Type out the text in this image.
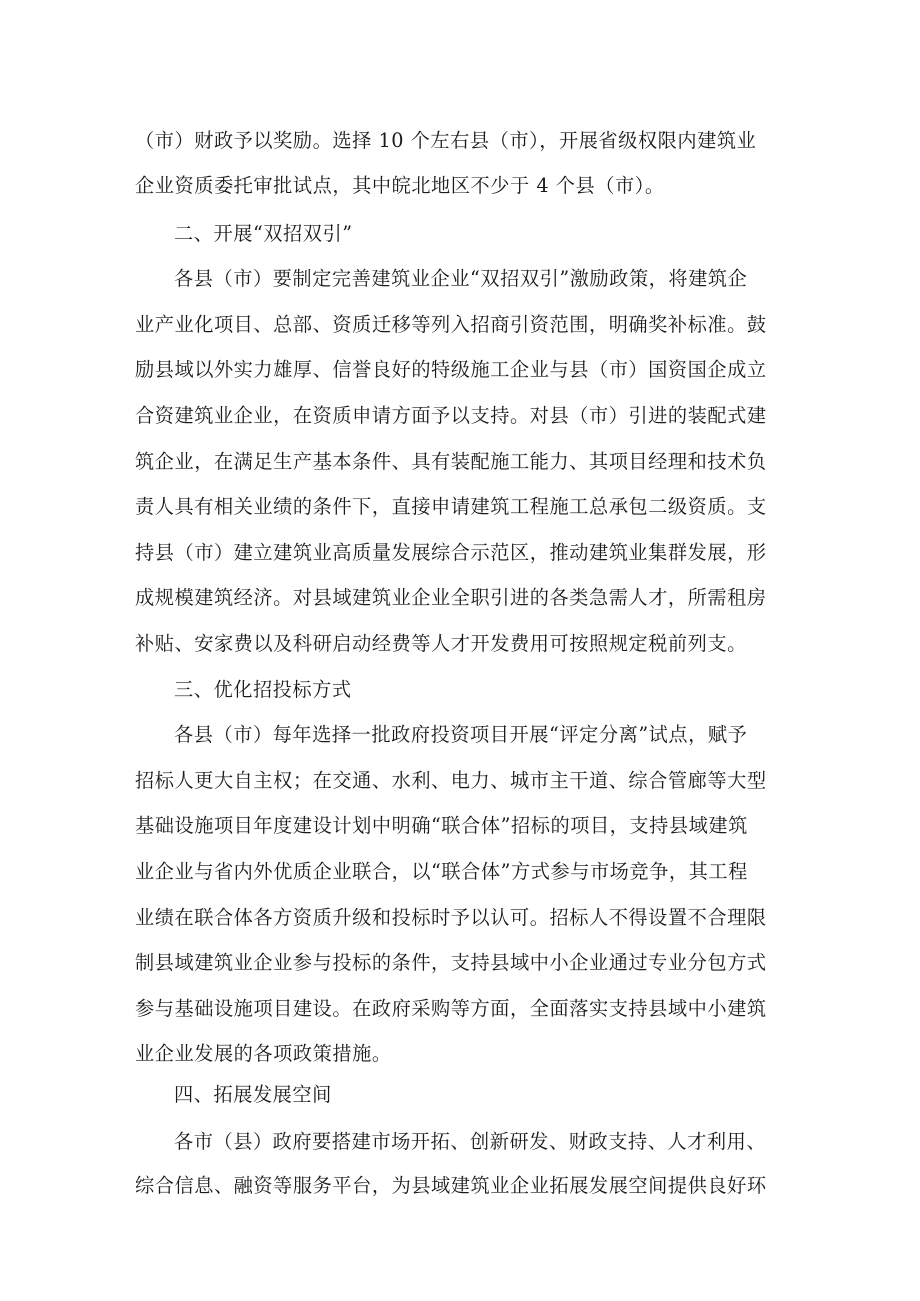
（市）财政予以奖励。选择 10 个左右县（市），开展省级权限内建筑业
企业资质委托审批试点，其中皖北地区不少于 4 个县（市）。
二、开展“双招双引”
各县（市）要制定完善建筑业企业“双招双引”激励政策，将建筑企
业产业化项目、总部、资质迁移等列入招商引资范围，明确奖补标准。鼓
励县域以外实力雄厚、信誉良好的特级施工企业与县（市）国资国企成立
合资建筑业企业，在资质申请方面予以支持。对县（市）引进的装配式建
筑企业，在满足生产基本条件、具有装配施工能力、其项目经理和技术负
责人具有相关业绩的条件下，直接申请建筑工程施工总承包二级资质。支
持县（市）建立建筑业高质量发展综合示范区，推动建筑业集群发展，形
成规模建筑经济。对县域建筑业企业全职引进的各类急需人才，所需租房
补贴、安家费以及科研启动经费等人才开发费用可按照规定税前列支。
三、优化招投标方式
各县（市）每年选择一批政府投资项目开展“评定分离”试点，赋予
招标人更大自主权；在交通、水利、电力、城市主干道、综合管廊等大型
基础设施项目年度建设计划中明确“联合体”招标的项目，支持县域建筑
业企业与省内外优质企业联合，以“联合体”方式参与市场竞争，其工程
业绩在联合体各方资质升级和投标时予以认可。招标人不得设置不合理限
制县域建筑业企业参与投标的条件，支持县域中小企业通过专业分包方式
参与基础设施项目建设。在政府采购等方面，全面落实支持县域中小建筑
业企业发展的各项政策措施。
四、拓展发展空间
各市（县）政府要搭建市场开拓、创新研发、财政支持、人才利用、
综合信息、融资等服务平台，为县域建筑业企业拓展发展空间提供良好环
